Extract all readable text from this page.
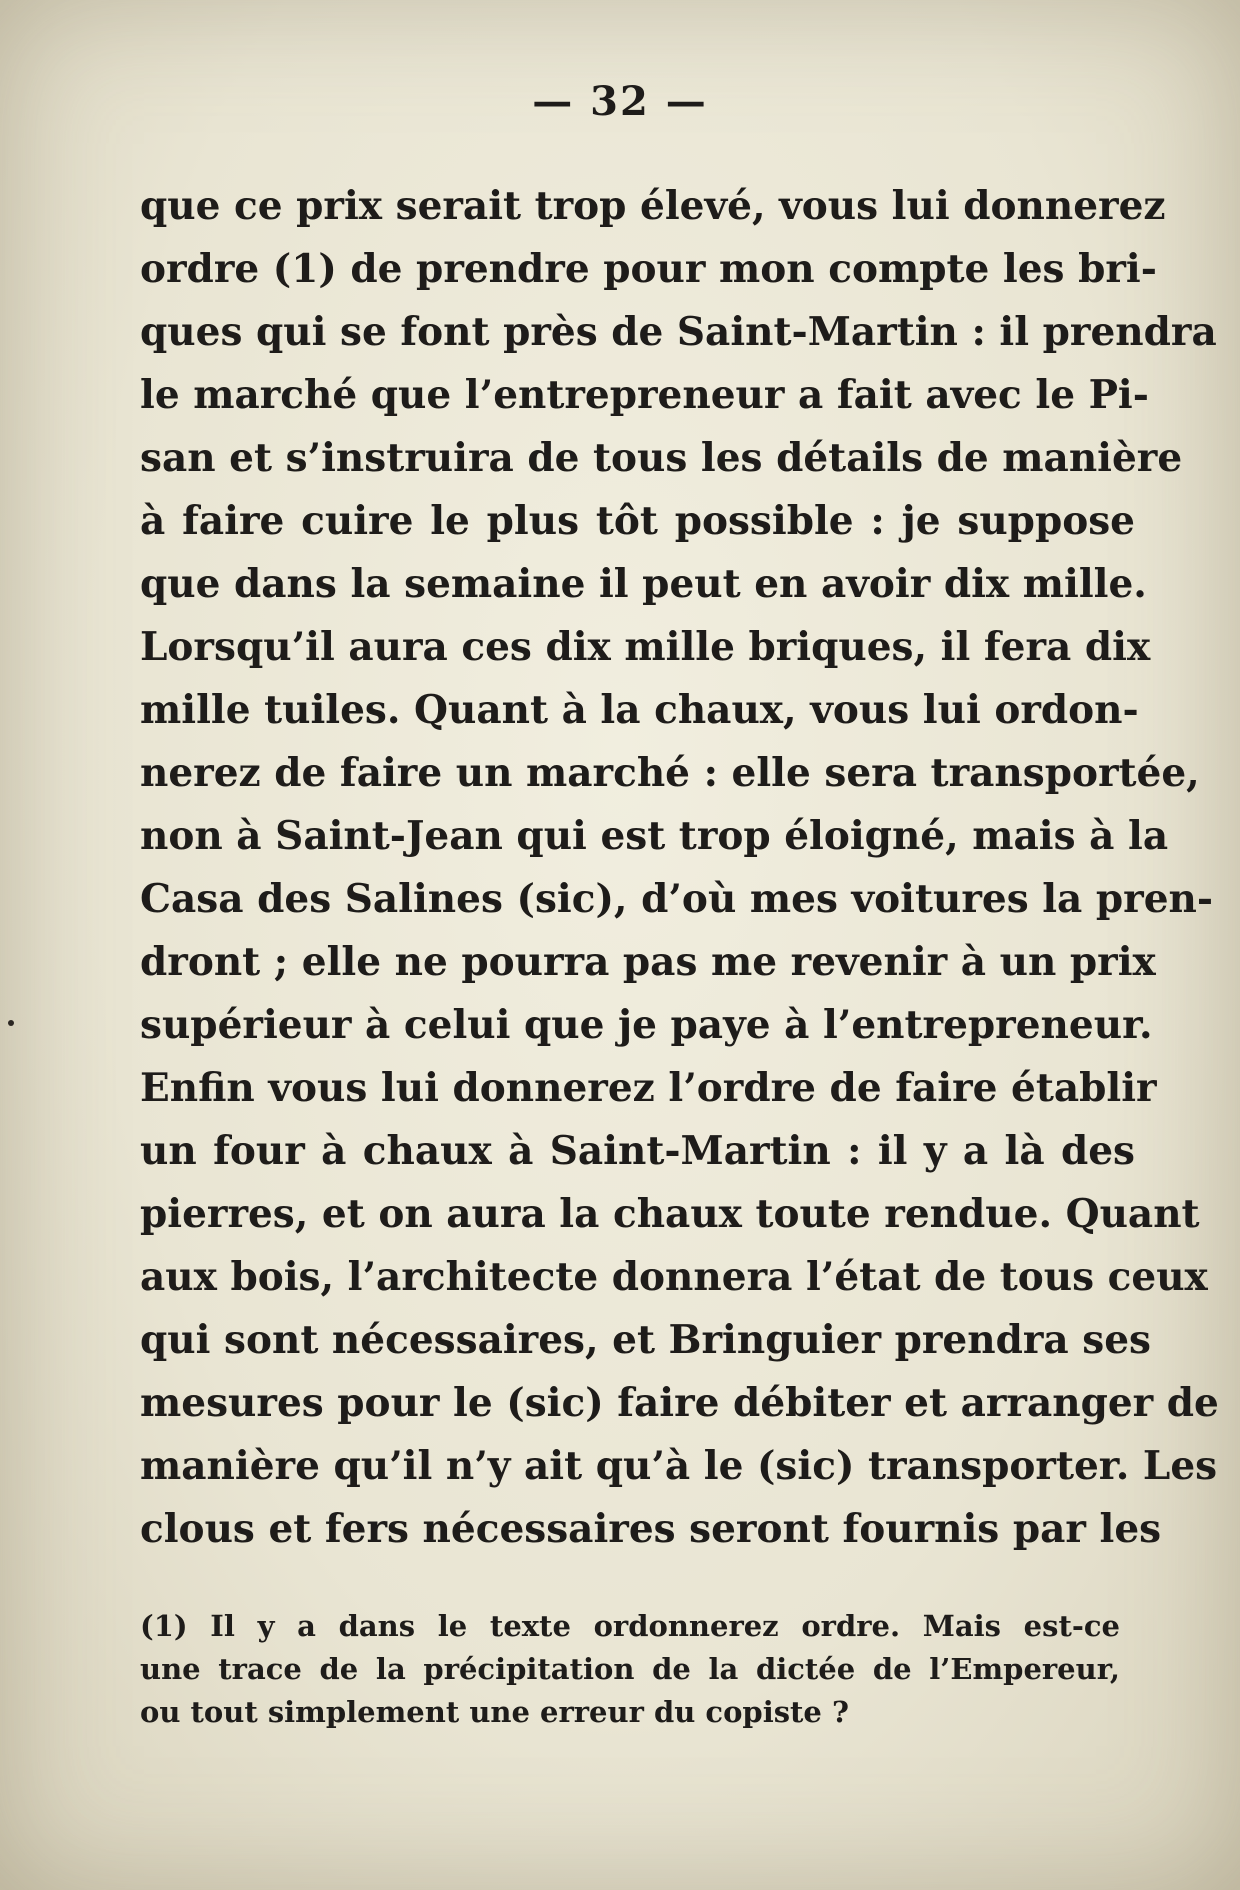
— 32 —
que ce prix serait trop élevé, vous lui donnerez
ordre (1) de prendre pour mon compte les bri-
ques qui se font près de Saint-Martin : il prendra
le marché que l’entrepreneur a fait avec le Pi-
san et s’instruira de tous les détails de manière
à faire cuire le plus tôt possible : je suppose
que dans la semaine il peut en avoir dix mille.
Lorsqu’il aura ces dix mille briques, il fera dix
mille tuiles. Quant à la chaux, vous lui ordon-
nerez de faire un marché : elle sera transportée,
non à Saint-Jean qui est trop éloigné, mais à la
Casa des Salines (sic), d’où mes voitures la pren-
dront ; elle ne pourra pas me revenir à un prix
supérieur à celui que je paye à l’entrepreneur.
Enfin vous lui donnerez l’ordre de faire établir
un four à chaux à Saint-Martin : il y a là des
pierres, et on aura la chaux toute rendue. Quant
aux bois, l’architecte donnera l’état de tous ceux
qui sont nécessaires, et Bringuier prendra ses
mesures pour le (sic) faire débiter et arranger de
manière qu’il n’y ait qu’à le (sic) transporter. Les
clous et fers nécessaires seront fournis par les
(1) Il y a dans le texte ordonnerez ordre. Mais est-ce
une trace de la précipitation de la dictée de l’Empereur,
ou tout simplement une erreur du copiste ?
